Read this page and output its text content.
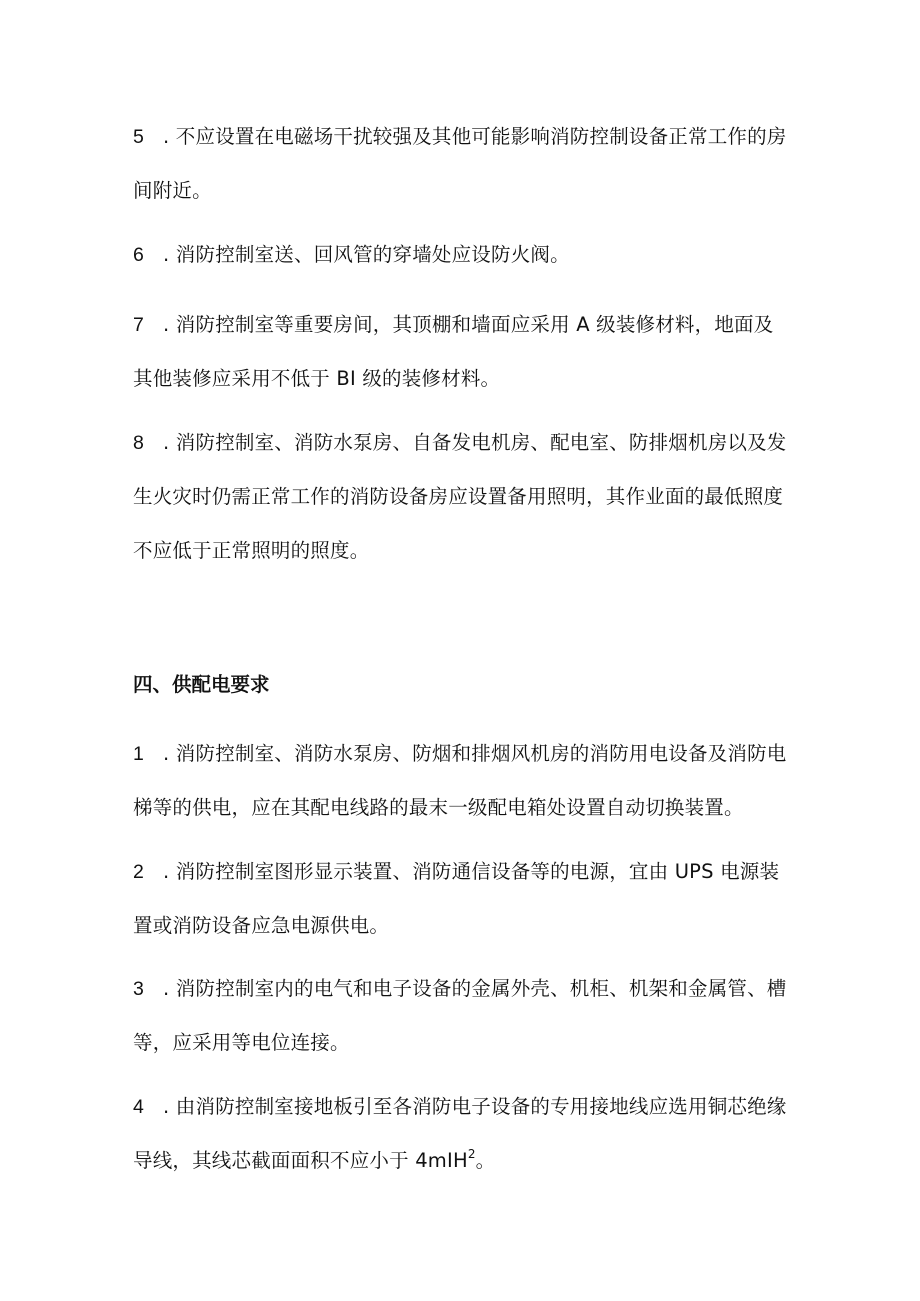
5 . 不应设置在电磁场干扰较强及其他可能影响消防控制设备正常工作的房间附近。

6 . 消防控制室送、回风管的穿墙处应设防火阀。

7 . 消防控制室等重要房间，其顶棚和墙面应采用 A 级装修材料，地面及其他装修应采用不低于 BI 级的装修材料。

8 . 消防控制室、消防水泵房、自备发电机房、配电室、防排烟机房以及发生火灾时仍需正常工作的消防设备房应设置备用照明，其作业面的最低照度不应低于正常照明的照度。

四、供配电要求

1 . 消防控制室、消防水泵房、防烟和排烟风机房的消防用电设备及消防电梯等的供电，应在其配电线路的最末一级配电箱处设置自动切换装置。

2 . 消防控制室图形显示装置、消防通信设备等的电源，宜由 UPS 电源装置或消防设备应急电源供电。

3 . 消防控制室内的电气和电子设备的金属外壳、机柜、机架和金属管、槽等，应采用等电位连接。

4 . 由消防控制室接地板引至各消防电子设备的专用接地线应选用铜芯绝缘导线，其线芯截面面积不应小于 4mIH$^2$。
